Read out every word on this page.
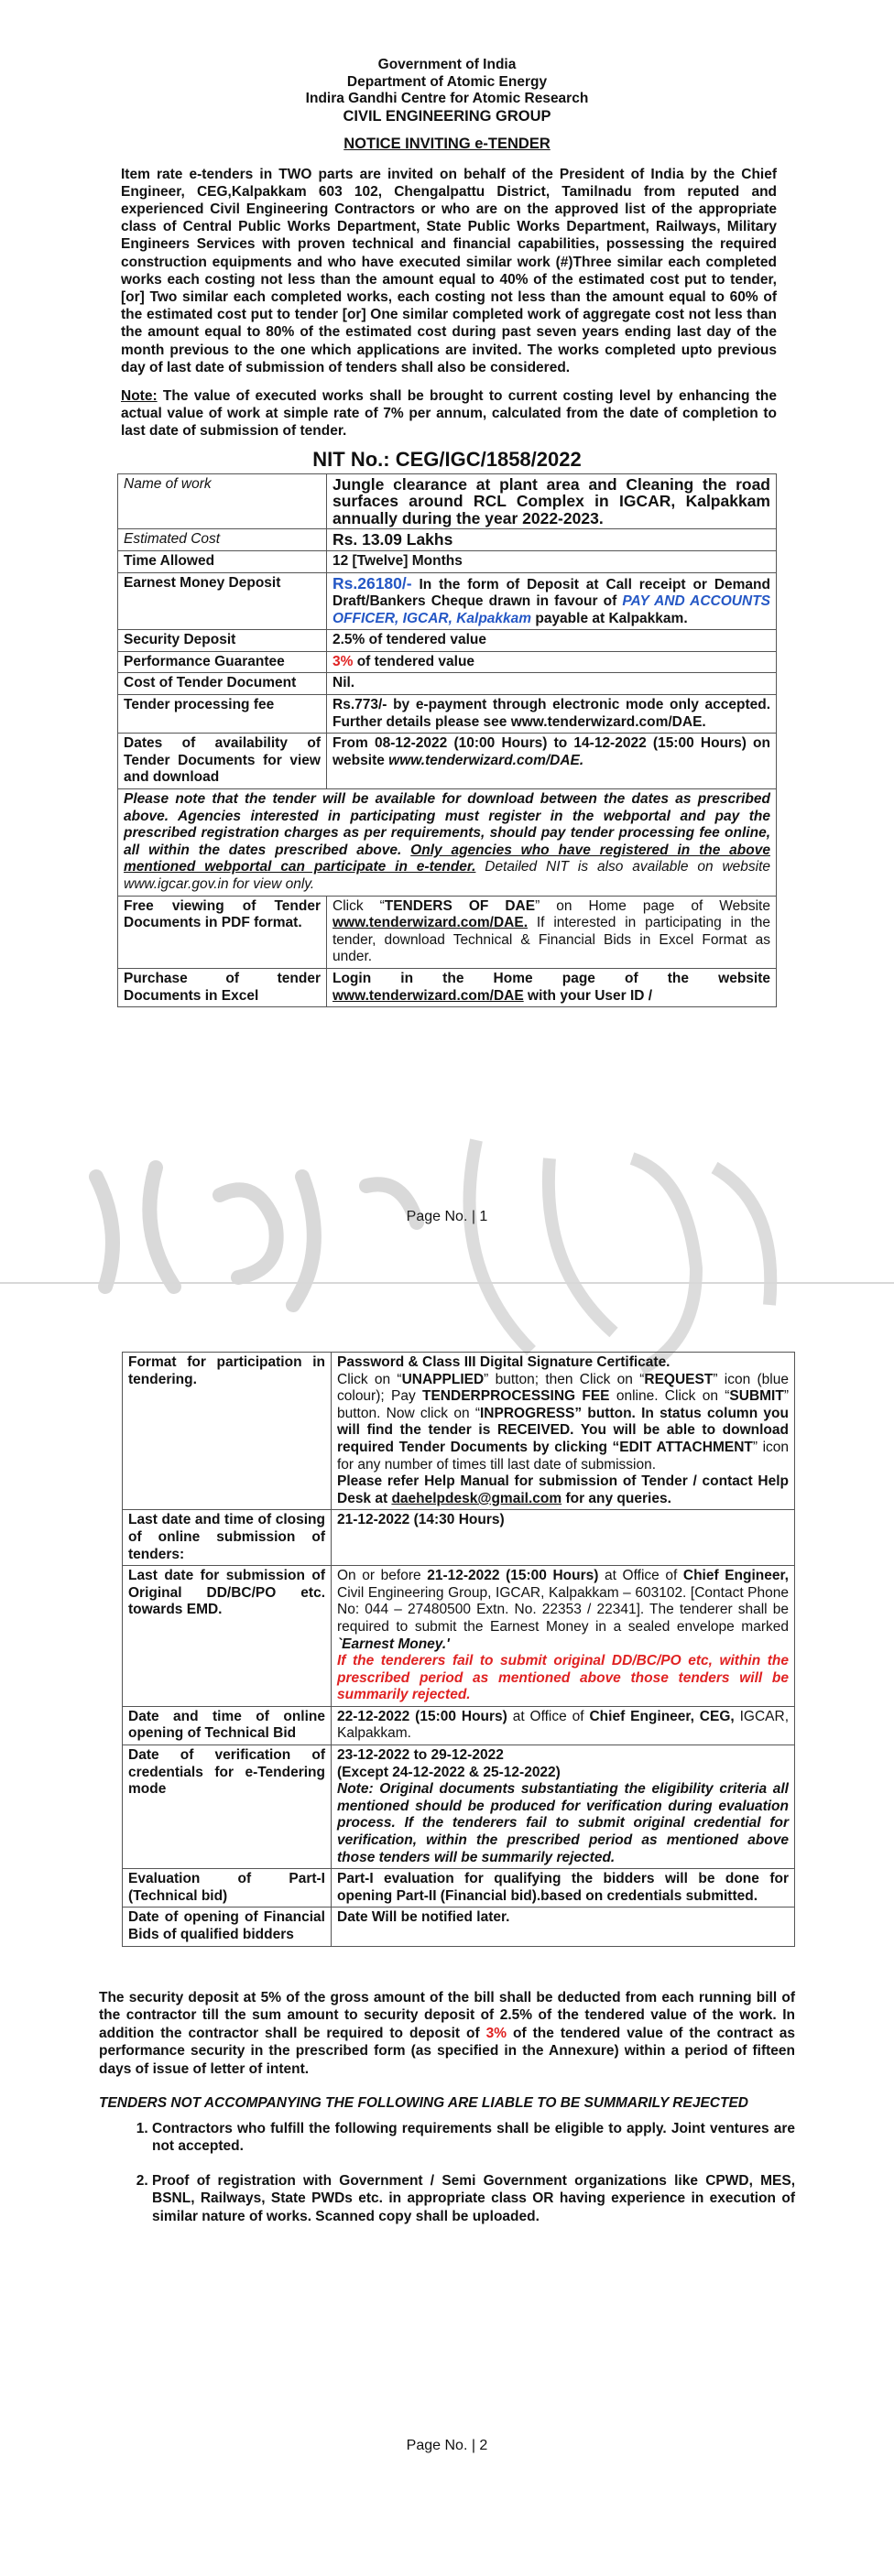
Government of India
Department of Atomic Energy
Indira Gandhi Centre for Atomic Research
CIVIL ENGINEERING GROUP
NOTICE INVITING e-TENDER

Item rate e-tenders in TWO parts are invited on behalf of the President of India by the Chief Engineer, CEG,Kalpakkam 603 102, Chengalpattu District, Tamilnadu from reputed and experienced Civil Engineering Contractors or who are on the approved list of the appropriate class of Central Public Works Department, State Public Works Department, Railways, Military Engineers Services with proven technical and financial capabilities, possessing the required construction equipments and who have executed similar work (#)Three similar each completed works each costing not less than the amount equal to 40% of the estimated cost put to tender, [or] Two similar each completed works, each costing not less than the amount equal to 60% of the estimated cost put to tender [or] One similar completed work of aggregate cost not less than the amount equal to 80% of the estimated cost during past seven years ending last day of the month previous to the one which applications are invited. The works completed upto previous day of last date of submission of tenders shall also be considered.

Note: The value of executed works shall be brought to current costing level by enhancing the actual value of work at simple rate of 7% per annum, calculated from the date of completion to last date of submission of tender.

NIT No.: CEG/IGC/1858/2022
Name of work	Jungle clearance at plant area and Cleaning the road surfaces around RCL Complex in IGCAR, Kalpakkam annually during the year 2022-2023.
Estimated Cost	Rs. 13.09 Lakhs
Time Allowed	12 [Twelve] Months
Earnest Money Deposit	Rs.26180/- In the form of Deposit at Call receipt or Demand Draft/Bankers Cheque drawn in favour of PAY AND ACCOUNTS OFFICER, IGCAR, Kalpakkam payable at Kalpakkam.
Security Deposit	2.5% of tendered value
Performance Guarantee	3% of tendered value
Cost of Tender Document	Nil.
Tender processing fee	Rs.773/- by e-payment through electronic mode only accepted. Further details please see www.tenderwizard.com/DAE.
Dates of availability of Tender Documents for view and download	From 08-12-2022 (10:00 Hours) to 14-12-2022 (15:00 Hours) on website www.tenderwizard.com/DAE.
Please note that the tender will be available for download between the dates as prescribed above. Agencies interested in participating must register in the webportal and pay the prescribed registration charges as per requirements, should pay tender processing fee online, all within the dates prescribed above. Only agencies who have registered in the above mentioned webportal can participate in e-tender. Detailed NIT is also available on website www.igcar.gov.in for view only.	
Free viewing of Tender Documents in PDF format.	Click “TENDERS OF DAE” on Home page of Website www.tenderwizard.com/DAE. If interested in participating in the tender, download Technical & Financial Bids in Excel Format as under.
Purchase of tender Documents in Excel	Login in the Home page of the website www.tenderwizard.com/DAE with your User ID /
Page No. | 1
Format for participation in tendering.	Password & Class III Digital Signature Certificate.
Click on “UNAPPLIED” button; then Click on “REQUEST” icon (blue colour); Pay TENDERPROCESSING FEE online. Click on “SUBMIT” button. Now click on “INPROGRESS” button. In status column you will find the tender is RECEIVED. You will be able to download required Tender Documents by clicking “EDIT ATTACHMENT” icon for any number of times till last date of submission.
Please refer Help Manual for submission of Tender / contact Help Desk at daehelpdesk@gmail.com for any queries.

Last date and time of closing of online submission of tenders:	21-12-2022 (14:30 Hours)
Last date for submission of Original DD/BC/PO etc. towards EMD.	On or before 21-12-2022 (15:00 Hours) at Office of Chief Engineer, Civil Engineering Group, IGCAR, Kalpakkam – 603102. [Contact Phone No: 044 – 27480500 Extn. No. 22353 / 22341]. The tenderer shall be required to submit the Earnest Money in a sealed envelope marked `Earnest Money.'
If the tenderers fail to submit original DD/BC/PO etc, within the prescribed period as mentioned above those tenders will be summarily rejected.

Date and time of online opening of Technical Bid	22-12-2022 (15:00 Hours) at Office of Chief Engineer, CEG, IGCAR, Kalpakkam.
Date of verification of credentials for e-Tendering mode	23-12-2022 to 29-12-2022
(Except 24-12-2022 & 25-12-2022)
Note: Original documents substantiating the eligibility criteria all mentioned should be produced for verification during evaluation process. If the tenderers fail to submit original credential for verification, within the prescribed period as mentioned above those tenders will be summarily rejected.

Evaluation of Part-I (Technical bid)	Part-I evaluation for qualifying the bidders will be done for opening Part-II (Financial bid).based on credentials submitted.
Date of opening of Financial Bids of qualified bidders	Date Will be notified later.
The security deposit at 5% of the gross amount of the bill shall be deducted from each running bill of the contractor till the sum amount to security deposit of 2.5% of the tendered value of the work. In addition the contractor shall be required to deposit of 3% of the tendered value of the contract as performance security in the prescribed form (as specified in the Annexure) within a period of fifteen days of issue of letter of intent.
TENDERS NOT ACCOMPANYING THE FOLLOWING ARE LIABLE TO BE SUMMARILY REJECTED
1. Contractors who fulfill the following requirements shall be eligible to apply. Joint ventures are not accepted.
2. Proof of registration with Government / Semi Government organizations like CPWD, MES, BSNL, Railways, State PWDs etc. in appropriate class OR having experience in execution of similar nature of works. Scanned copy shall be uploaded.
Page No. | 2
